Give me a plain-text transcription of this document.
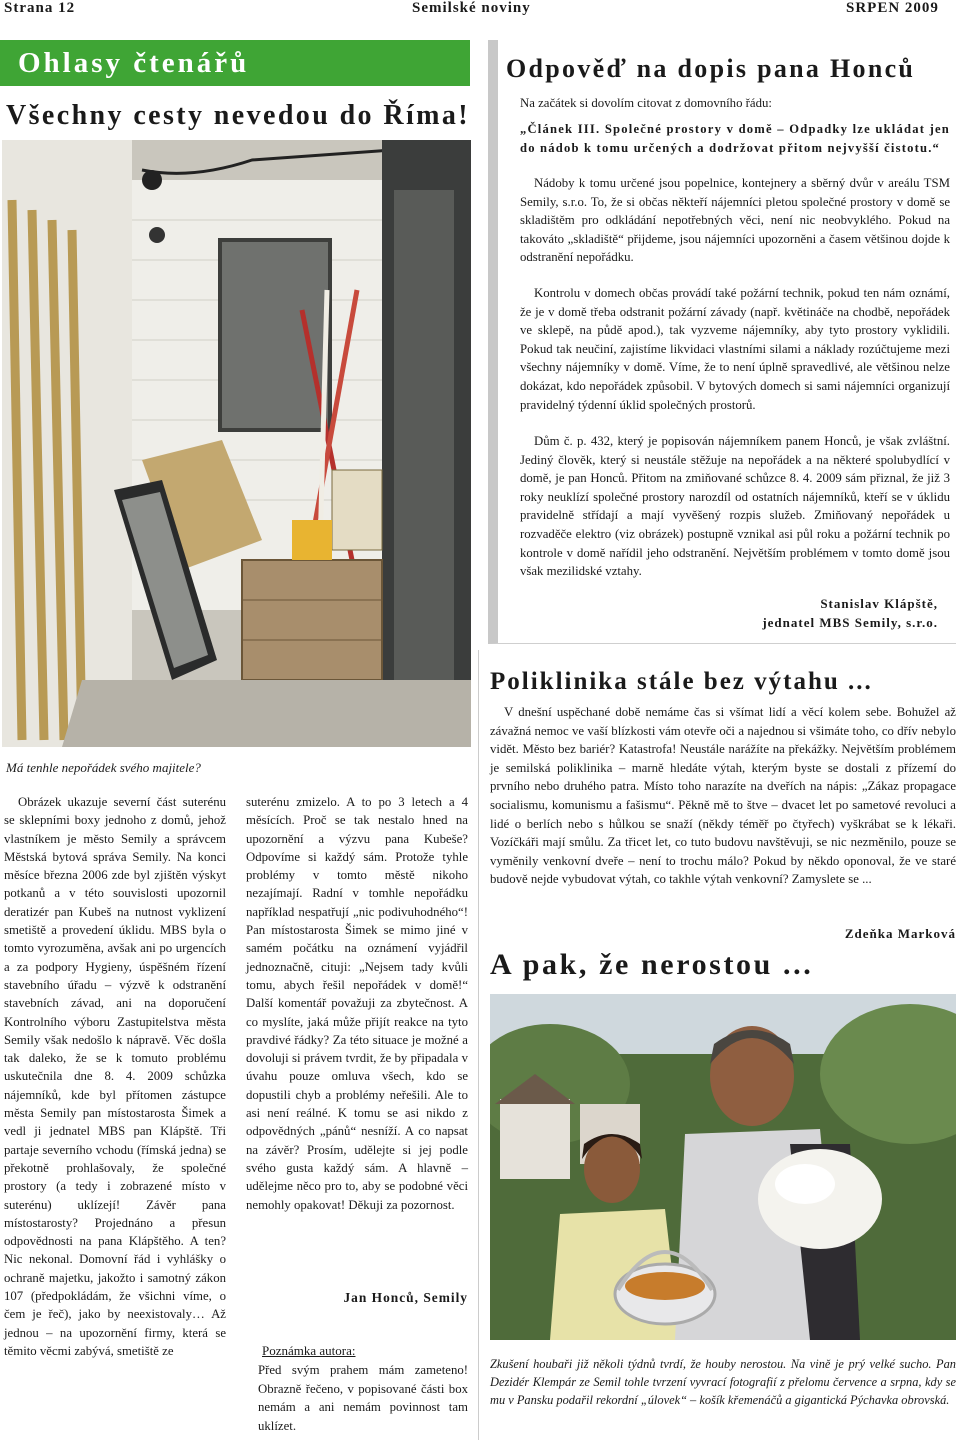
Strana 12	Semilské noviny	SRPEN 2009
Ohlasy čtenářů
Všechny cesty nevedou do Říma!
Má tenhle nepořádek svého majitele?
Obrázek ukazuje severní část suterénu se sklepními boxy jednoho z domů, jehož vlastníkem je město Semily a správcem Městská bytová správa Semily. Na konci měsíce března 2006 zde byl zjištěn výskyt potkanů a v této souvislosti upozornil deratizér pan Kubeš na nutnost vyklizení smetiště a provedení úklidu. MBS byla o tomto vyrozuměna, avšak ani po urgencích a za podpory Hygieny, úspěšném řízení stavebního úřadu – výzvě k odstranění stavebních závad, ani na doporučení Kontrolního výboru Zastupitelstva města Semily však nedošlo k nápravě. Věc došla tak daleko, že se k tomuto problému uskutečnila dne 8. 4. 2009 schůzka nájemníků, kde byl přítomen zástupce města Semily pan místostarosta Šimek a vedl ji jednatel MBS pan Klápště. Tři partaje severního vchodu (římská jedna) se překotně prohlašovaly, že společné prostory (a tedy i zobrazené místo v suterénu) uklízejí! Závěr pana místostarosty? Projednáno a přesun odpovědnosti na pana Klápštěho. A ten? Nic nekonal. Domovní řád i vyhlášky o ochraně majetku, jakožto i samotný zákon 107 (předpokládám, že všichni víme, o čem je řeč), jako by neexistovaly… Až jednou – na upozornění firmy, která se těmito věcmi zabývá, smetiště ze
suterénu zmizelo. A to po 3 letech a 4 měsících. Proč se tak nestalo hned na upozornění a výzvu pana Kubeše? Odpovíme si každý sám. Protože tyhle problémy v tomto městě nikoho nezajímají. Radní v tomhle nepořádku například nespatřují „nic podivuhodného“! Pan místostarosta Šimek se mimo jiné v samém počátku na oznámení vyjádřil jednoznačně, cituji: „Nejsem tady kvůli tomu, abych řešil nepořádek v domě!“ Další komentář považuji za zbytečnost. A co myslíte, jaká může přijít reakce na tyto pravdivé řádky? Za této situace je možné a dovoluji si právem tvrdit, že by připadala v úvahu pouze omluva všech, kdo se dopustili chyb a problémy neřešili. Ale to asi není reálné. K tomu se asi nikdo z odpovědných „pánů“ nesníží. A co napsat na závěr? Prosím, udělejte si jej podle svého gusta každý sám. A hlavně – udělejme něco pro to, aby se podobné věci nemohly opakovat! Děkuji za pozornost.
Jan Honců, Semily
Poznámka autora:
Před svým prahem mám zameteno! Obrazně řečeno, v popisované části box nemám a ani nemám povinnost tam uklízet.
Odpověď na dopis pana Honců
Na začátek si dovolím citovat z domovního řádu:
„Článek III. Společné prostory v domě – Odpadky lze ukládat jen do nádob k tomu určených a dodržovat přitom nejvyšší čistotu.“
Nádoby k tomu určené jsou popelnice, kontejnery a sběrný dvůr v areálu TSM Semily, s.r.o. To, že si občas někteří nájemníci pletou společné prostory v domě se skladištěm pro odkládání nepotřebných věci, není nic neobvyklého. Pokud na takováto „skladiště“ přijdeme, jsou nájemníci upozorněni a časem většinou dojde k odstranění nepořádku.
Kontrolu v domech občas provádí také požární technik, pokud ten nám oznámí, že je v domě třeba odstranit požární závady (např. květináče na chodbě, nepořádek ve sklepě, na půdě apod.), tak vyzveme nájemníky, aby tyto prostory vyklidili. Pokud tak neučiní, zajistíme likvidaci vlastními silami a náklady rozúčtujeme mezi všechny nájemníky v domě. Víme, že to není úplně spravedlivé, ale většinou nelze dokázat, kdo nepořádek způsobil. V bytových domech si sami nájemníci organizují pravidelný týdenní úklid společných prostorů.
Dům č. p. 432, který je popisován nájemníkem panem Honců, je však zvláštní. Jediný člověk, který si neustále stěžuje na nepořádek a na některé spolubydlící v domě, je pan Honců. Přitom na zmiňované schůzce 8. 4. 2009 sám přiznal, že již 3 roky neuklízí společné prostory narozdíl od ostatních nájemníků, kteří se v úklidu pravidelně střídají a mají vyvěšený rozpis služeb. Zmiňovaný nepořádek u rozvaděče elektro (viz obrázek) postupně vznikal asi půl roku a požární technik po kontrole v domě nařídil jeho odstranění. Největším problémem v tomto domě jsou však mezilidské vztahy.
Stanislav Klápště,
jednatel MBS Semily, s.r.o.
Poliklinika stále bez výtahu ...
V dnešní uspěchané době nemáme čas si všímat lidí a věcí kolem sebe. Bohužel až závažná nemoc ve vaší blízkosti vám otevře oči a najednou si všimáte toho, co dřív nebylo vidět. Město bez bariér? Katastrofa! Neustále narážíte na překážky. Největším problémem je semilská poliklinika – marně hledáte výtah, kterým byste se dostali z přízemí do prvního nebo druhého patra. Místo toho narazíte na dveřích na nápis: „Zákaz propagace socialismu, komunismu a fašismu“. Pěkně mě to štve – dvacet let po sametové revoluci a lidé o berlích nebo s hůlkou se snaží (někdy téměř po čtyřech) vyškrábat se k lékaři. Vozíčkáři mají smůlu. Za třicet let, co tuto budovu navštěvuji, se nic nezměnilo, pouze se vyměnily venkovní dveře – není to trochu málo? Pokud by někdo oponoval, že ve staré budově nejde vybudovat výtah, co takhle výtah venkovní? Zamyslete se ...
Zdeňka Marková
A pak, že nerostou ...
Zkušení houbaři již několi týdnů tvrdí, že houby nerostou. Na vině je prý velké sucho. Pan Dezidér Klempár ze Semil tohle tvrzení vyvrací fotografií z přelomu července a srpna, kdy se mu v Pansku podařil rekordní „úlovek“ – košík křemenáčů a gigantická Pýchavka obrovská.
